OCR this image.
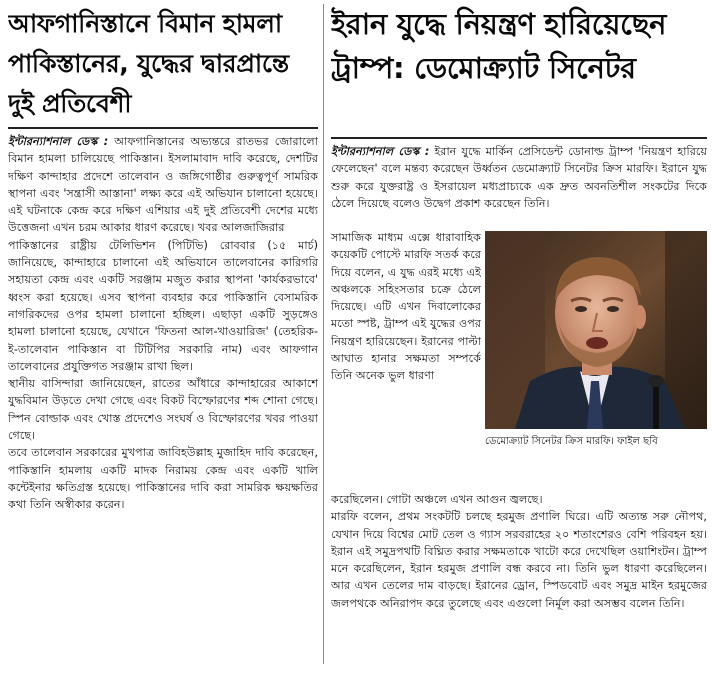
আফগানিস্তানে বিমান হামলা পাকিস্তানের, যুদ্ধের দ্বারপ্রান্তে দুই প্রতিবেশী

ইন্টারন্যাশনাল ডেস্ক : আফগানিস্তানের অভ্যন্তরে রাতভর জোরালো বিমান হামলা চালিয়েছে পাকিস্তান। ইসলামাবাদ দাবি করেছে, দেশটির দক্ষিণ কান্দাহার প্রদেশে তালেবান ও জঙ্গিগোষ্ঠীর গুরুত্বপূর্ণ সামরিক স্থাপনা এবং 'সন্ত্রাসী আস্তানা' লক্ষ্য করে এই অভিযান চালানো হয়েছে। এই ঘটনাকে কেন্দ্র করে দক্ষিণ এশিয়ার এই দুই প্রতিবেশী দেশের মধ্যে উত্তেজনা এখন চরম আকার ধারণ করেছে। খবর আলজাজিরার

পাকিস্তানের রাষ্ট্রীয় টেলিভিশন (পিটিভি) রোববার (১৫ মার্চ) জানিয়েছে, কান্দাহারে চালানো এই অভিযানে তালেবানের কারিগরি সহায়তা কেন্দ্র এবং একটি সরঞ্জাম মজুত করার স্থাপনা 'কার্যকরভাবে' ধ্বংস করা হয়েছে। এসব স্থাপনা ব্যবহার করে পাকিস্তানি বেসামরিক নাগরিকদের ওপর হামলা চালানো হচ্ছিল। এছাড়া একটি সুড়ঙ্গেও হামলা চালানো হয়েছে, যেখানে 'ফিতনা আল-খাওয়ারিজ' (তেহরিক-ই-তালেবান পাকিস্তান বা টিটিপির সরকারি নাম) এবং আফগান তালেবানের প্রযুক্তিগত সরঞ্জাম রাখা ছিল।

স্থানীয় বাসিন্দারা জানিয়েছেন, রাতের আঁধারে কান্দাহারের আকাশে যুদ্ধবিমান উড়তে দেখা গেছে এবং বিকট বিস্ফোরণের শব্দ শোনা গেছে। স্পিন বোল্ডাক এবং খোস্ত প্রদেশেও সংঘর্ষ ও বিস্ফোরণের খবর পাওয়া গেছে।

তবে তালেবান সরকারের মুখপাত্র জাবিহউল্লাহ মুজাহিদ দাবি করেছেন, পাকিস্তানি হামলায় একটি মাদক নিরাময় কেন্দ্র এবং একটি খালি কন্টেইনার ক্ষতিগ্রস্ত হয়েছে। পাকিস্তানের দাবি করা সামরিক ক্ষয়ক্ষতির কথা তিনি অস্বীকার করেন।

ইরান যুদ্ধে নিয়ন্ত্রণ হারিয়েছেন ট্রাম্প: ডেমোক্র্যাট সিনেটর

ইন্টারন্যাশনাল ডেস্ক : ইরান যুদ্ধে মার্কিন প্রেসিডেন্ট ডোনাল্ড ট্রাম্প 'নিয়ন্ত্রণ হারিয়ে ফেলেছেন' বলে মন্তব্য করেছেন উর্ধ্বতন ডেমোক্র্যাট সিনেটর ক্রিস মারফি। ইরানে যুদ্ধ শুরু করে যুক্তরাষ্ট্র ও ইসরায়েল মধ্যপ্রাচ্যকে এক দ্রুত অবনতিশীল সংকটের দিকে ঠেলে দিয়েছে বলেও উদ্বেগ প্রকাশ করেছেন তিনি।

সামাজিক মাধ্যম এক্সে ধারাবাহিক কয়েকটি পোস্টে মারফি সতর্ক করে দিয়ে বলেন, এ যুদ্ধ এরই মধ্যে এই অঞ্চলকে সহিংসতার চক্রে ঠেলে দিয়েছে। এটি এখন দিবালোকের মতো স্পষ্ট, ট্রাম্প এই যুদ্ধের ওপর নিয়ন্ত্রণ হারিয়েছেন। ইরানের পাল্টা আঘাত হানার সক্ষমতা সম্পর্কে তিনি অনেক ভুল ধারণা
ডেমোক্র্যাট সিনেটর ক্রিস মারফি। ফাইল ছবি

করেছিলেন। গোটা অঞ্চলে এখন আগুন জ্বলছে।

মারফি বলেন, প্রথম সংকটটি চলছে হরমুজ প্রণালি ঘিরে। এটি অত্যন্ত সরু নৌপথ, যেখান দিয়ে বিশ্বের মোট তেল ও গ্যাস সরবরাহের ২০ শতাংশেরও বেশি পরিবহন হয়। ইরান এই সমুদ্রপথটি বিঘ্নিত করার সক্ষমতাকে খাটো করে দেখেছিল ওয়াশিংটন। ট্রাম্প মনে করেছিলেন, ইরান হরমুজ প্রণালি বন্ধ করবে না। তিনি ভুল ধারণা করেছিলেন। আর এখন তেলের দাম বাড়ছে। ইরানের ড্রোন, স্পিডবোট এবং সমুদ্র মাইন হরমুজের জলপথকে অনিরাপদ করে তুলেছে এবং এগুলো নির্মূল করা অসম্ভব বলেন তিনি।
